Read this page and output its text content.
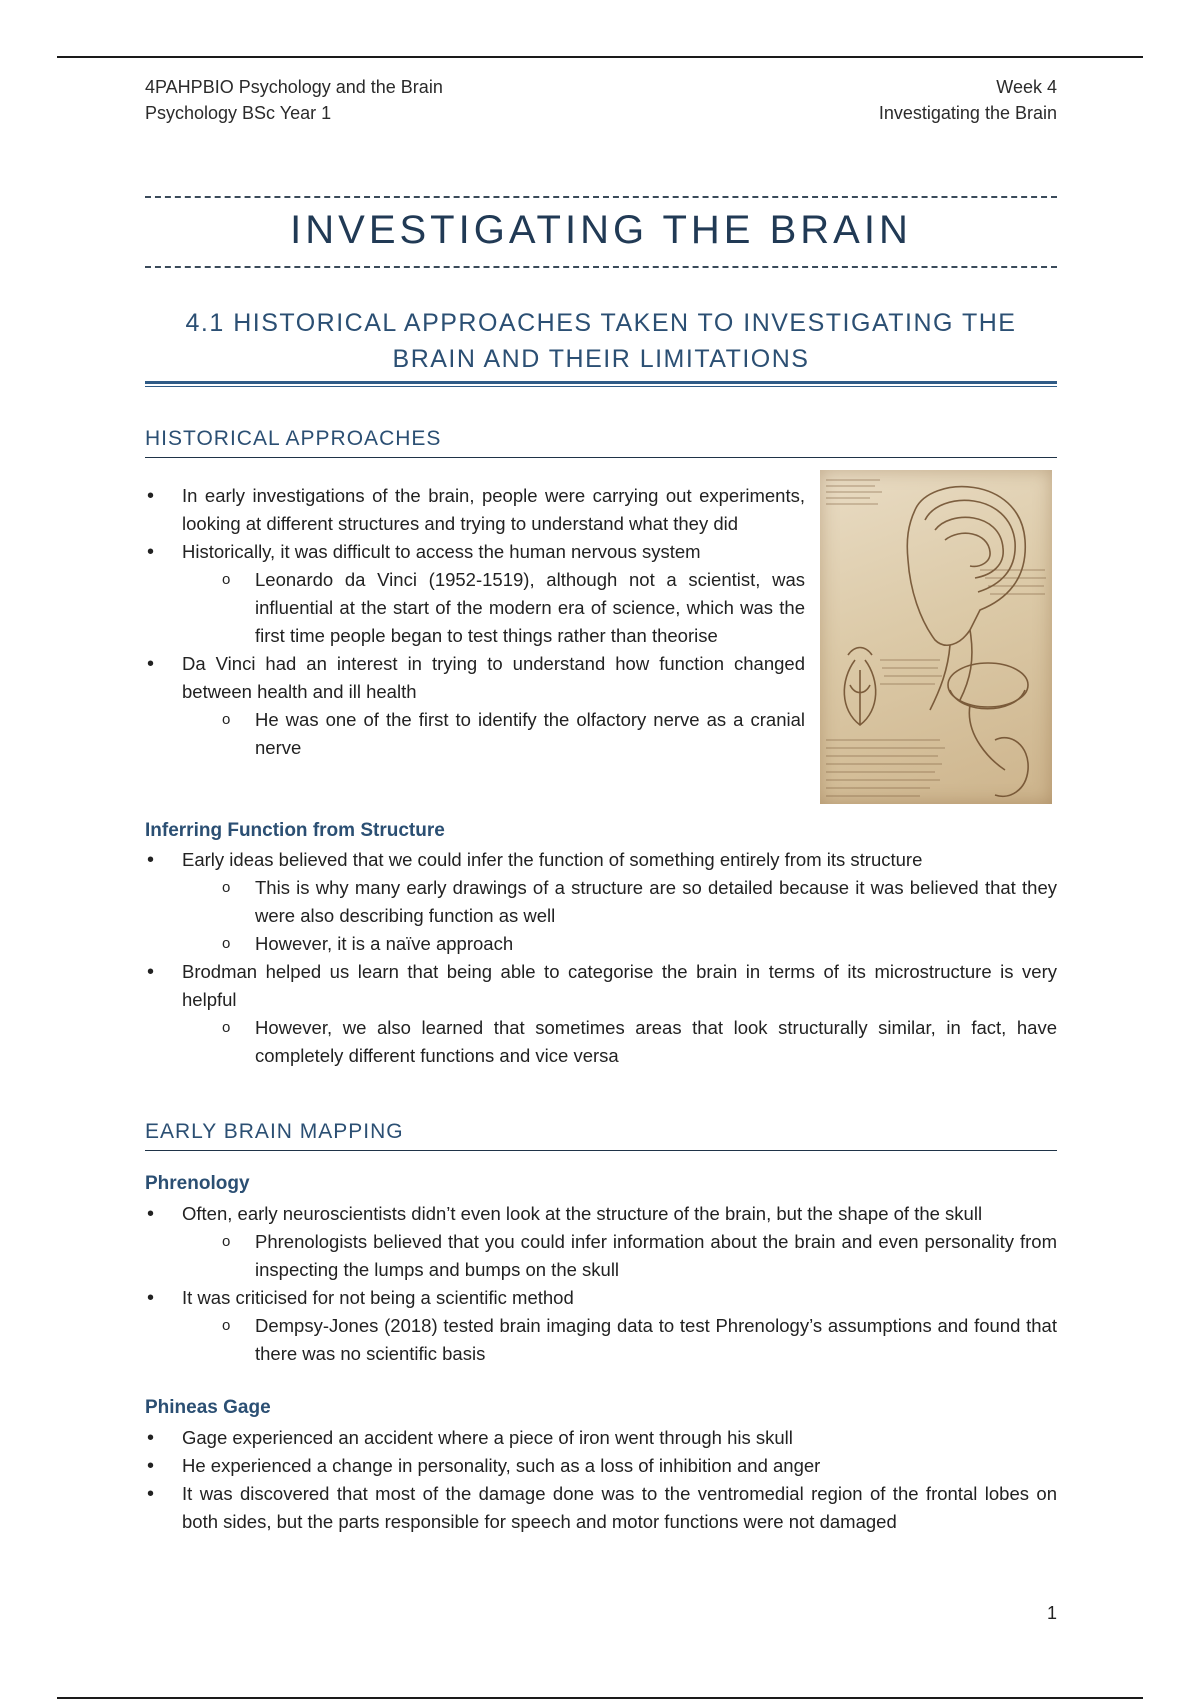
4PAHPBIO Psychology and the Brain
Psychology BSc Year 1
Week 4
Investigating the Brain
INVESTIGATING THE BRAIN
4.1 HISTORICAL APPROACHES TAKEN TO INVESTIGATING THE
BRAIN AND THEIR LIMITATIONS
HISTORICAL APPROACHES
• In early investigations of the brain, people were carrying out experiments, looking at different structures and trying to understand what they did
• Historically, it was difficult to access the human nervous system
o Leonardo da Vinci (1952-1519), although not a scientist, was influential at the start of the modern era of science, which was the first time people began to test things rather than theorise
• Da Vinci had an interest in trying to understand how function changed between health and ill health
o He was one of the first to identify the olfactory nerve as a cranial nerve
Inferring Function from Structure
• Early ideas believed that we could infer the function of something entirely from its structure
o This is why many early drawings of a structure are so detailed because it was believed that they were also describing function as well
o However, it is a naïve approach
• Brodman helped us learn that being able to categorise the brain in terms of its microstructure is very helpful
o However, we also learned that sometimes areas that look structurally similar, in fact, have completely different functions and vice versa
EARLY BRAIN MAPPING
Phrenology
• Often, early neuroscientists didn’t even look at the structure of the brain, but the shape of the skull
o Phrenologists believed that you could infer information about the brain and even personality from inspecting the lumps and bumps on the skull
• It was criticised for not being a scientific method
o Dempsy-Jones (2018) tested brain imaging data to test Phrenology’s assumptions and found that there was no scientific basis
Phineas Gage
• Gage experienced an accident where a piece of iron went through his skull
• He experienced a change in personality, such as a loss of inhibition and anger
• It was discovered that most of the damage done was to the ventromedial region of the frontal lobes on both sides, but the parts responsible for speech and motor functions were not damaged
1
